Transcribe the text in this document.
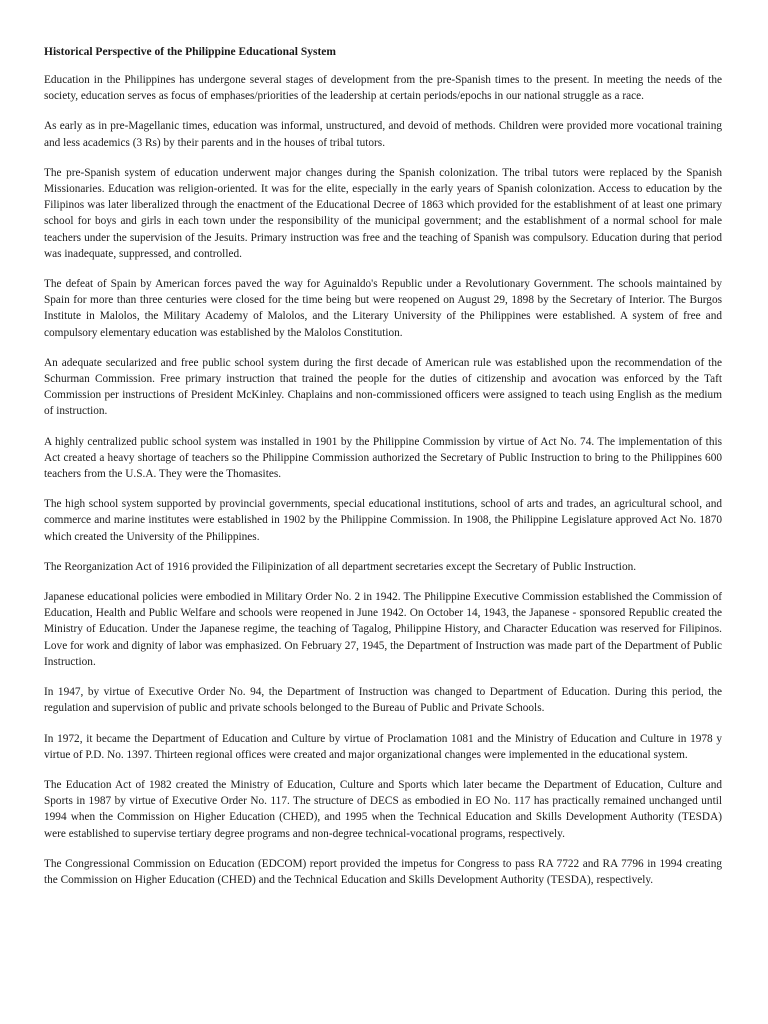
Historical Perspective of the Philippine Educational System

Education in the Philippines has undergone several stages of development from the pre-Spanish times to the present. In meeting the needs of the society, education serves as focus of emphases/priorities of the leadership at certain periods/epochs in our national struggle as a race.

As early as in pre-Magellanic times, education was informal, unstructured, and devoid of methods. Children were provided more vocational training and less academics (3 Rs) by their parents and in the houses of tribal tutors.

The pre-Spanish system of education underwent major changes during the Spanish colonization. The tribal tutors were replaced by the Spanish Missionaries. Education was religion-oriented. It was for the elite, especially in the early years of Spanish colonization. Access to education by the Filipinos was later liberalized through the enactment of the Educational Decree of 1863 which provided for the establishment of at least one primary school for boys and girls in each town under the responsibility of the municipal government; and the establishment of a normal school for male teachers under the supervision of the Jesuits. Primary instruction was free and the teaching of Spanish was compulsory. Education during that period was inadequate, suppressed, and controlled.

The defeat of Spain by American forces paved the way for Aguinaldo's Republic under a Revolutionary Government. The schools maintained by Spain for more than three centuries were closed for the time being but were reopened on August 29, 1898 by the Secretary of Interior. The Burgos Institute in Malolos, the Military Academy of Malolos, and the Literary University of the Philippines were established. A system of free and compulsory elementary education was established by the Malolos Constitution.

An adequate secularized and free public school system during the first decade of American rule was established upon the recommendation of the Schurman Commission. Free primary instruction that trained the people for the duties of citizenship and avocation was enforced by the Taft Commission per instructions of President McKinley. Chaplains and non-commissioned officers were assigned to teach using English as the medium of instruction.

A highly centralized public school system was installed in 1901 by the Philippine Commission by virtue of Act No. 74. The implementation of this Act created a heavy shortage of teachers so the Philippine Commission authorized the Secretary of Public Instruction to bring to the Philippines 600 teachers from the U.S.A. They were the Thomasites.

The high school system supported by provincial governments, special educational institutions, school of arts and trades, an agricultural school, and commerce and marine institutes were established in 1902 by the Philippine Commission. In 1908, the Philippine Legislature approved Act No. 1870 which created the University of the Philippines.

The Reorganization Act of 1916 provided the Filipinization of all department secretaries except the Secretary of Public Instruction.

Japanese educational policies were embodied in Military Order No. 2 in 1942. The Philippine Executive Commission established the Commission of Education, Health and Public Welfare and schools were reopened in June 1942. On October 14, 1943, the Japanese - sponsored Republic created the Ministry of Education. Under the Japanese regime, the teaching of Tagalog, Philippine History, and Character Education was reserved for Filipinos. Love for work and dignity of labor was emphasized. On February 27, 1945, the Department of Instruction was made part of the Department of Public Instruction.

In 1947, by virtue of Executive Order No. 94, the Department of Instruction was changed to Department of Education. During this period, the regulation and supervision of public and private schools belonged to the Bureau of Public and Private Schools.

In 1972, it became the Department of Education and Culture by virtue of Proclamation 1081 and the Ministry of Education and Culture in 1978 y virtue of P.D. No. 1397. Thirteen regional offices were created and major organizational changes were implemented in the educational system.

The Education Act of 1982 created the Ministry of Education, Culture and Sports which later became the Department of Education, Culture and Sports in 1987 by virtue of Executive Order No. 117. The structure of DECS as embodied in EO No. 117 has practically remained unchanged until 1994 when the Commission on Higher Education (CHED), and 1995 when the Technical Education and Skills Development Authority (TESDA) were established to supervise tertiary degree programs and non-degree technical-vocational programs, respectively.

The Congressional Commission on Education (EDCOM) report provided the impetus for Congress to pass RA 7722 and RA 7796 in 1994 creating the Commission on Higher Education (CHED) and the Technical Education and Skills Development Authority (TESDA), respectively.
